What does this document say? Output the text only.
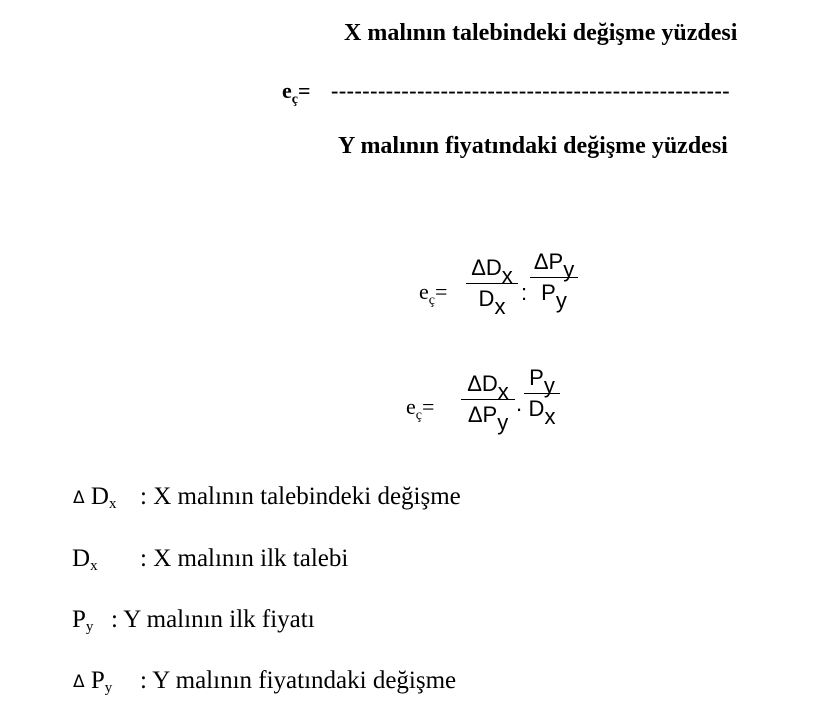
X malının talebindeki değişme yüzdesi
$e_ç=$ ---------------------------------------------------
Y malının fiyatındaki değişme yüzdesi
$e_ç=$
ΔDx
Dx
:
ΔPy
Py
$e_ç=$
ΔDx
ΔPy
.
Py
Dx
Δ $D_x$ : X malının talebindeki değişme
$D_x$ : X malının ilk talebi
$P_y$ : Y malının ilk fiyatı
Δ $P_y$ : Y malının fiyatındaki değişme
